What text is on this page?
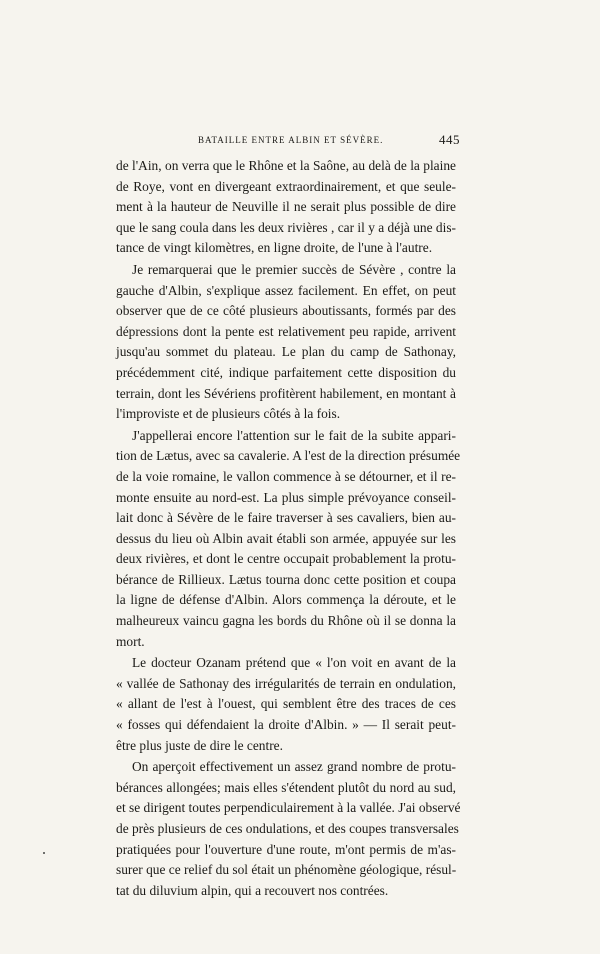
BATAILLE ENTRE ALBIN ET SÉVÈRE.	445
de l'Ain, on verra que le Rhône et la Saône, au delà de la plaine
de Roye, vont en divergeant extraordinairement, et que seule-
ment à la hauteur de Neuville il ne serait plus possible de dire
que le sang coula dans les deux rivières , car il y a déjà une dis-
tance de vingt kilomètres, en ligne droite, de l'une à l'autre.
Je remarquerai que le premier succès de Sévère , contre la
gauche d'Albin, s'explique assez facilement. En effet, on peut
observer que de ce côté plusieurs aboutissants, formés par des
dépressions dont la pente est relativement peu rapide, arrivent
jusqu'au sommet du plateau. Le plan du camp de Sathonay,
précédemment cité, indique parfaitement cette disposition du
terrain, dont les Sévériens profitèrent habilement, en montant à
l'improviste et de plusieurs côtés à la fois.
J'appellerai encore l'attention sur le fait de la subite appari-
tion de Lætus, avec sa cavalerie. A l'est de la direction présumée
de la voie romaine, le vallon commence à se détourner, et il re-
monte ensuite au nord-est. La plus simple prévoyance conseil-
lait donc à Sévère de le faire traverser à ses cavaliers, bien au-
dessus du lieu où Albin avait établi son armée, appuyée sur les
deux rivières, et dont le centre occupait probablement la protu-
bérance de Rillieux. Lætus tourna donc cette position et coupa
la ligne de défense d'Albin. Alors commença la déroute, et le
malheureux vaincu gagna les bords du Rhône où il se donna la
mort.
Le docteur Ozanam prétend que « l'on voit en avant de la
« vallée de Sathonay des irrégularités de terrain en ondulation,
« allant de l'est à l'ouest, qui semblent être des traces de ces
« fosses qui défendaient la droite d'Albin. » — Il serait peut-
être plus juste de dire le centre.
On aperçoit effectivement un assez grand nombre de protu-
bérances allongées; mais elles s'étendent plutôt du nord au sud,
et se dirigent toutes perpendiculairement à la vallée. J'ai observé
de près plusieurs de ces ondulations, et des coupes transversales
pratiquées pour l'ouverture d'une route, m'ont permis de m'as-
surer que ce relief du sol était un phénomène géologique, résul-
tat du diluvium alpin, qui a recouvert nos contrées.
